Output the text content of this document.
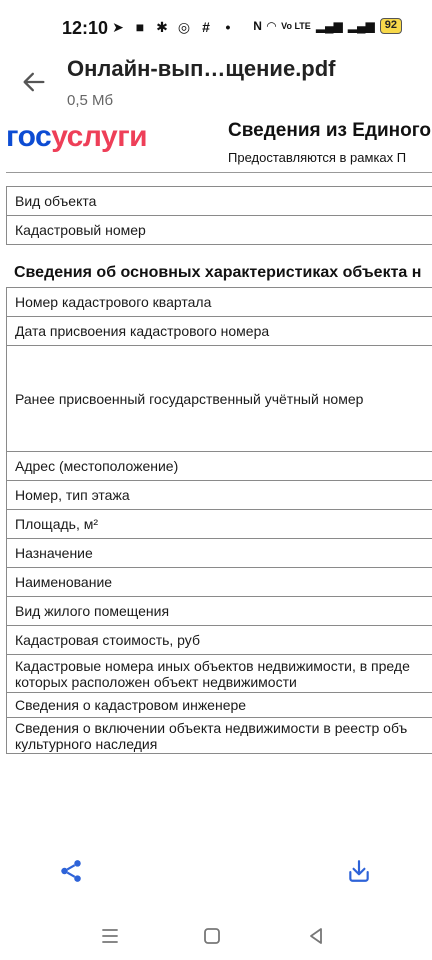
12:10 ➤ ■ ✱ ◎ #	•	N ◠ Vo LTE ▂▄▆ ▂▄▆ 92
Онлайн-вып…щение.pdf
0,5 Мб
госуслуги	Сведения из Единого
Предоставляются в рамках П
Вид объекта
Кадастровый номер
Сведения об основных характеристиках объекта н
Номер кадастрового квартала
Дата присвоения кадастрового номера
Ранее присвоенный государственный учётный номер
Адрес (местоположение)
Номер, тип этажа
Площадь, м²
Назначение
Наименование
Вид жилого помещения
Кадастровая стоимость, руб
Кадастровые номера иных объектов недвижимости, в преде которых расположен объект недвижимости
Сведения о кадастровом инженере
Сведения о включении объекта недвижимости в реестр объ культурного наследия
